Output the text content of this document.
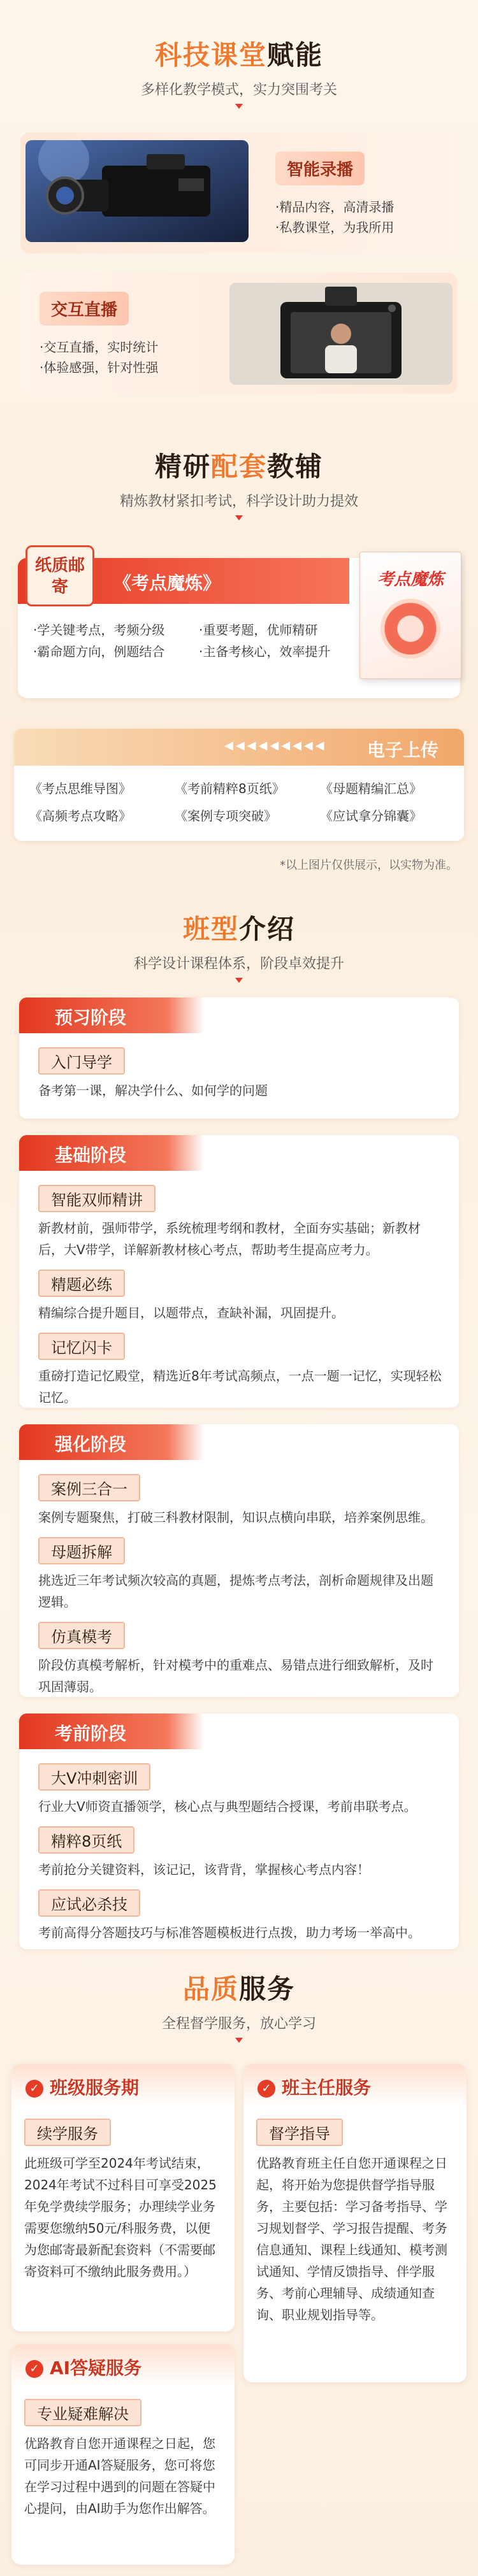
科技课堂赋能
多样化教学模式，实力突围考关
智能录播
·精品内容，高清录播
·私教课堂，为我所用
交互直播
·交互直播，实时统计
·体验感强，针对性强
精研配套教辅
精炼教材紧扣考试，科学设计助力提效
纸质邮寄	《考点魔炼》
·学关键考点，考频分级
·霸命题方向，例题结合
·重要考题，优师精研
·主备考核心，效率提升
考点魔炼
◀◀◀◀◀◀◀◀◀ 电子上传
《考点思维导图》	《考前精粹8页纸》	《母题精编汇总》
《高频考点攻略》	《案例专项突破》	《应试拿分锦囊》
*以上图片仅供展示，以实物为准。
班型介绍
科学设计课程体系，阶段卓效提升
预习阶段
入门导学

备考第一课，解决学什么、如何学的问题

基础阶段
智能双师精讲

新教材前，强师带学，系统梳理考纲和教材，全面夯实基础；新教材后，大V带学，详解新教材核心考点，帮助考生提高应考力。

精题必练

精编综合提升题目，以题带点，查缺补漏，巩固提升。

记忆闪卡

重磅打造记忆殿堂，精选近8年考试高频点，一点一题一记忆，实现轻松记忆。

强化阶段
案例三合一

案例专题聚焦，打破三科教材限制，知识点横向串联，培养案例思维。

母题拆解

挑选近三年考试频次较高的真题，提炼考点考法，剖析命题规律及出题逻辑。

仿真模考

阶段仿真模考解析，针对模考中的重难点、易错点进行细致解析，及时巩固薄弱。

考前阶段
大V冲刺密训

行业大V师资直播领学，核心点与典型题结合授课，考前串联考点。

精粹8页纸

考前抢分关键资料，该记记，该背背，掌握核心考点内容！

应试必杀技

考前高得分答题技巧与标准答题模板进行点拨，助力考场一举高中。

品质服务
全程督学服务，放心学习
✓ 班级服务期
续学服务

此班级可学至2024年考试结束，2024年考试不过科目可享受2025年免学费续学服务；办理续学业务需要您缴纳50元/科服务费，以便为您邮寄最新配套资料（不需要邮寄资料可不缴纳此服务费用。）

✓ 班主任服务
督学指导

优路教育班主任自您开通课程之日起，将开始为您提供督学指导服务，主要包括：学习备考指导、学习规划督学、学习报告提醒、考务信息通知、课程上线通知、模考测试通知、学情反馈指导、伴学服务、考前心理辅导、成绩通知查询、职业规划指导等。

✓ AI答疑服务
专业疑难解决

优路教育自您开通课程之日起，您可同步开通AI答疑服务，您可将您在学习过程中遇到的问题在答疑中心提问，由AI助手为您作出解答。
